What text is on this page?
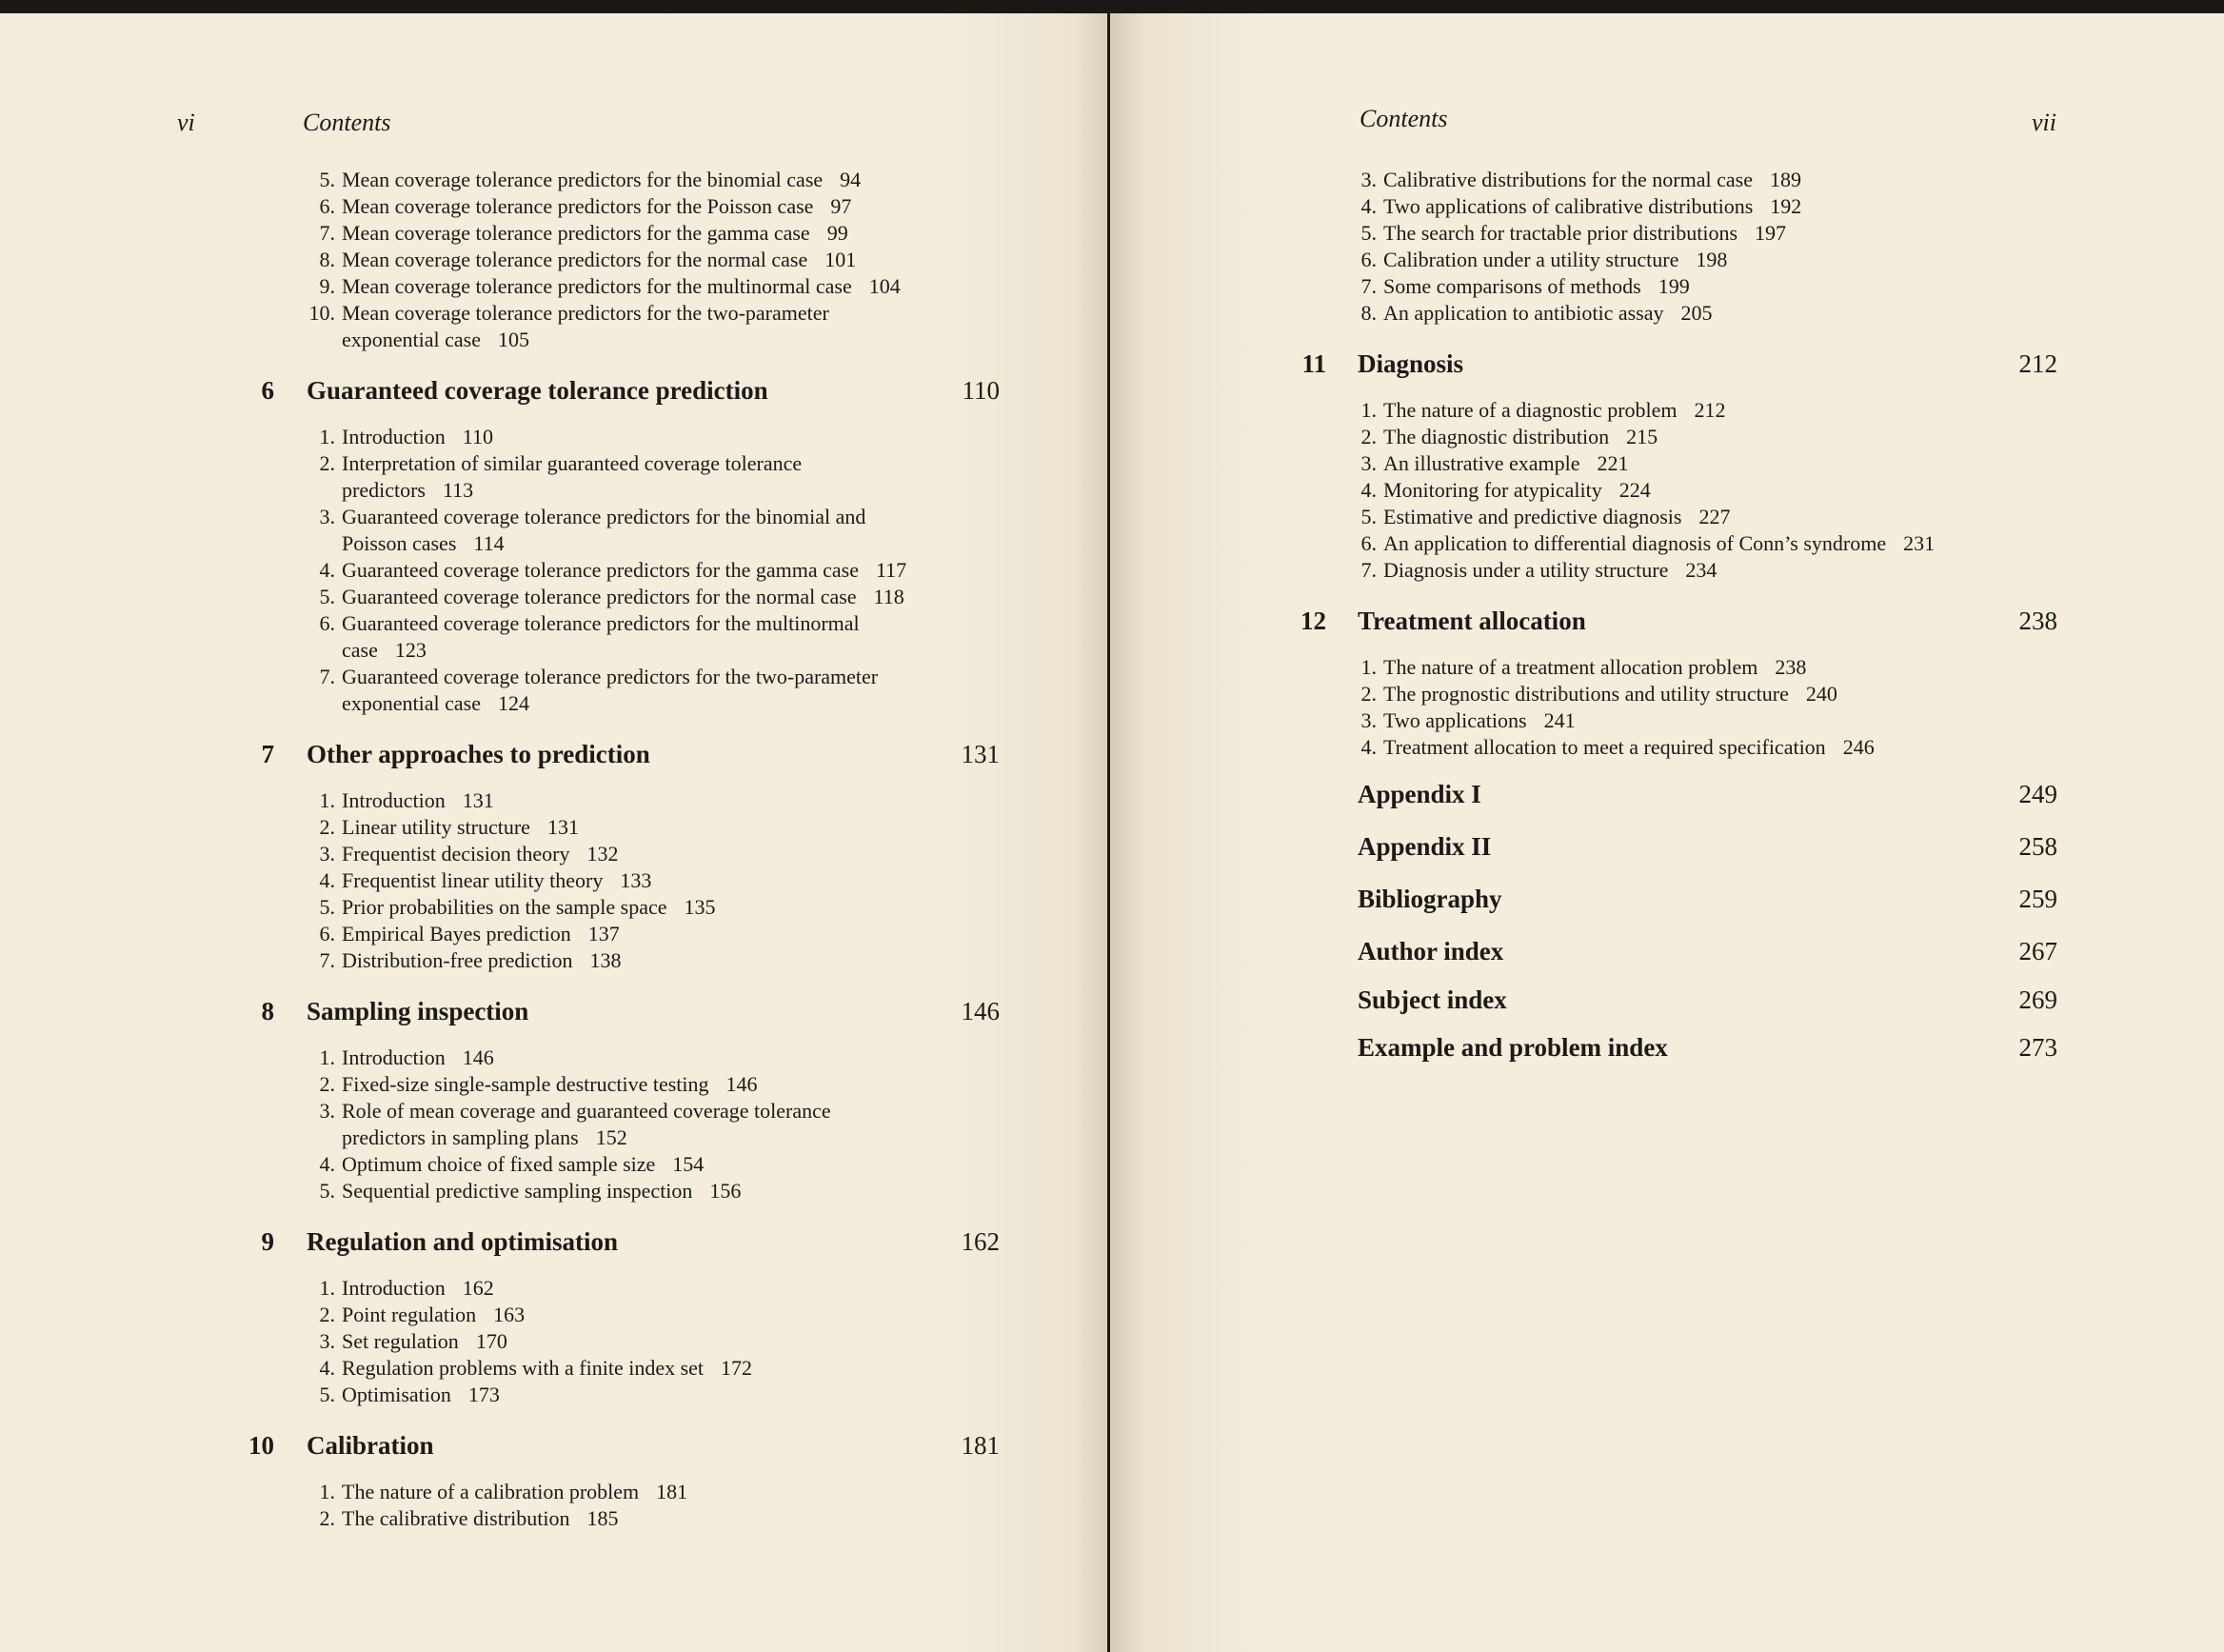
vi	Contents
5. Mean coverage tolerance predictors for the binomial case 94
6. Mean coverage tolerance predictors for the Poisson case 97
7. Mean coverage tolerance predictors for the gamma case 99
8. Mean coverage tolerance predictors for the normal case 101
9. Mean coverage tolerance predictors for the multinormal case 104
10. Mean coverage tolerance predictors for the two-parameter
exponential case 105
6 Guaranteed coverage tolerance prediction	110
1. Introduction 110
2. Interpretation of similar guaranteed coverage tolerance
predictors 113
3. Guaranteed coverage tolerance predictors for the binomial and
Poisson cases 114
4. Guaranteed coverage tolerance predictors for the gamma case 117
5. Guaranteed coverage tolerance predictors for the normal case 118
6. Guaranteed coverage tolerance predictors for the multinormal
case 123
7. Guaranteed coverage tolerance predictors for the two-parameter
exponential case 124
7 Other approaches to prediction	131
1. Introduction 131
2. Linear utility structure 131
3. Frequentist decision theory 132
4. Frequentist linear utility theory 133
5. Prior probabilities on the sample space 135
6. Empirical Bayes prediction 137
7. Distribution-free prediction 138
8 Sampling inspection	146
1. Introduction 146
2. Fixed-size single-sample destructive testing 146
3. Role of mean coverage and guaranteed coverage tolerance
predictors in sampling plans 152
4. Optimum choice of fixed sample size 154
5. Sequential predictive sampling inspection 156
9 Regulation and optimisation	162
1. Introduction 162
2. Point regulation 163
3. Set regulation 170
4. Regulation problems with a finite index set 172
5. Optimisation 173
10 Calibration	181
1. The nature of a calibration problem 181
2. The calibrative distribution 185
Contents	vii
3. Calibrative distributions for the normal case 189
4. Two applications of calibrative distributions 192
5. The search for tractable prior distributions 197
6. Calibration under a utility structure 198
7. Some comparisons of methods 199
8. An application to antibiotic assay 205
11 Diagnosis	212
1. The nature of a diagnostic problem 212
2. The diagnostic distribution 215
3. An illustrative example 221
4. Monitoring for atypicality 224
5. Estimative and predictive diagnosis 227
6. An application to differential diagnosis of Conn’s syndrome 231
7. Diagnosis under a utility structure 234
12 Treatment allocation	238
1. The nature of a treatment allocation problem 238
2. The prognostic distributions and utility structure 240
3. Two applications 241
4. Treatment allocation to meet a required specification 246
Appendix I	249
Appendix II	258
Bibliography	259
Author index	267
Subject index	269
Example and problem index	273
